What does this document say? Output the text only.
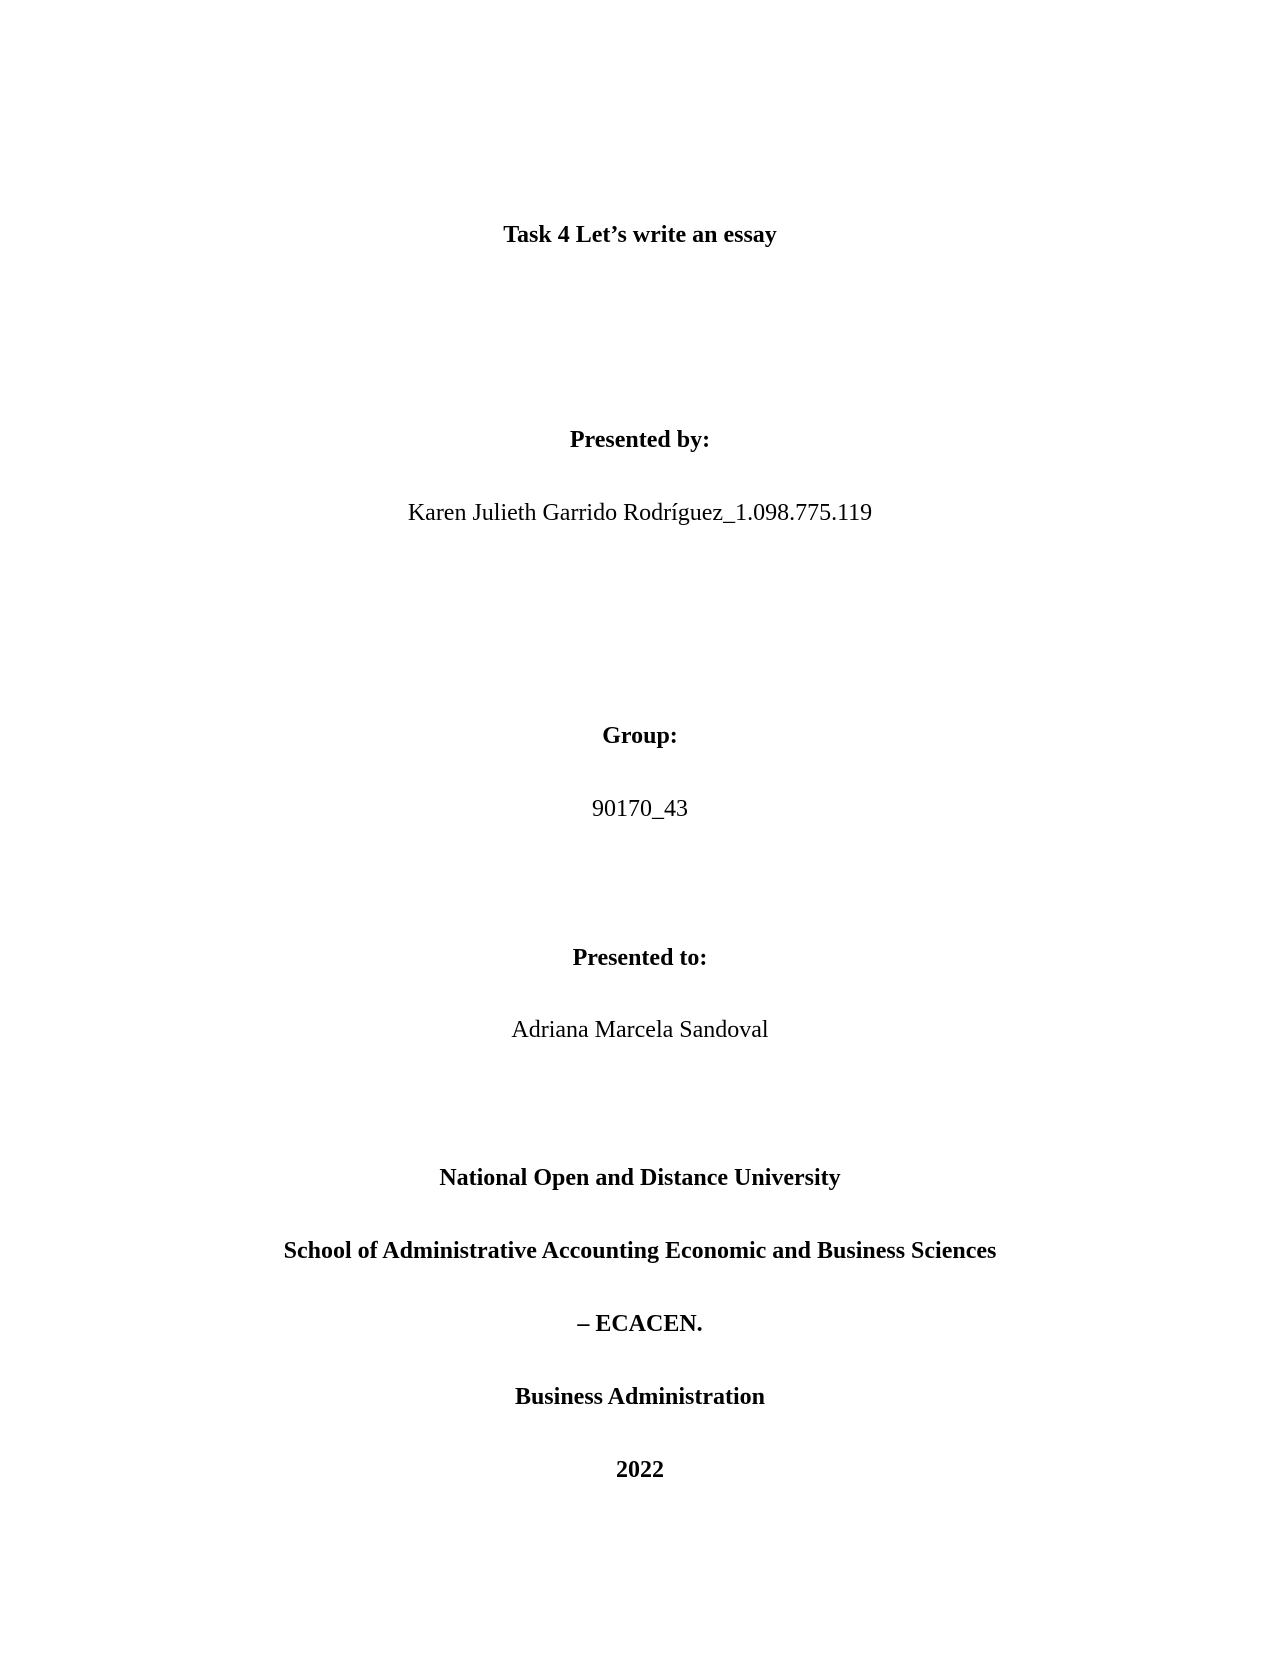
Task 4 Let’s write an essay
Presented by:
Karen Julieth Garrido Rodríguez_1.098.775.119
Group:
90170_43
Presented to:
Adriana Marcela Sandoval
National Open and Distance University
School of Administrative Accounting Economic and Business Sciences
– ECACEN.
Business Administration
2022
